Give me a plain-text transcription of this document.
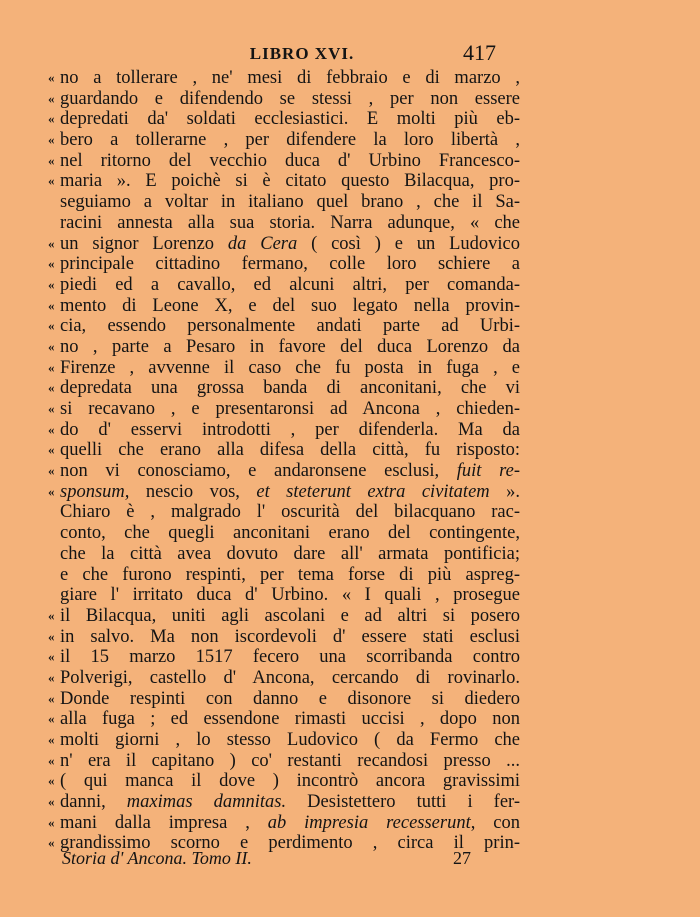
LIBRO XVI.	417
« no a tollerare , ne' mesi di febbraio e di marzo ,
« guardando e difendendo se stessi , per non essere
« depredati da' soldati ecclesiastici. E molti più eb-
« bero a tollerarne , per difendere la loro libertà ,
« nel ritorno del vecchio duca d' Urbino Francesco-
« maria ». E poichè si è citato questo Bilacqua, pro-
seguiamo a voltar in italiano quel brano , che il Sa-
racini annesta alla sua storia. Narra adunque, « che
« un signor Lorenzo da Cera ( così ) e un Ludovico
« principale cittadino fermano, colle loro schiere a
« piedi ed a cavallo, ed alcuni altri, per comanda-
« mento di Leone X, e del suo legato nella provin-
« cia, essendo personalmente andati parte ad Urbi-
« no , parte a Pesaro in favore del duca Lorenzo da
« Firenze , avvenne il caso che fu posta in fuga , e
« depredata una grossa banda di anconitani, che vi
« si recavano , e presentaronsi ad Ancona , chieden-
« do d' esservi introdotti , per difenderla. Ma da
« quelli che erano alla difesa della città, fu risposto:
« non vi conosciamo, e andaronsene esclusi, fuit re-
« sponsum, nescio vos, et steterunt extra civitatem ».
Chiaro è , malgrado l' oscurità del bilacquano rac-
conto, che quegli anconitani erano del contingente,
che la città avea dovuto dare all' armata pontificia;
e che furono respinti, per tema forse di più aspreg-
giare l' irritato duca d' Urbino. « I quali , prosegue
« il Bilacqua, uniti agli ascolani e ad altri si posero
« in salvo. Ma non iscordevoli d' essere stati esclusi
« il 15 marzo 1517 fecero una scorribanda contro
« Polverigi, castello d' Ancona, cercando di rovinarlo.
« Donde respinti con danno e disonore si diedero
« alla fuga ; ed essendone rimasti uccisi , dopo non
« molti giorni , lo stesso Ludovico ( da Fermo che
« n' era il capitano ) co' restanti recandosi presso ...
« ( qui manca il dove ) incontrò ancora gravissimi
« danni, maximas damnitas. Desistettero tutti i fer-
« mani dalla impresa , ab impresia recesserunt, con
« grandissimo scorno e perdimento , circa il prin-
Storia d' Ancona. Tomo II.	27
